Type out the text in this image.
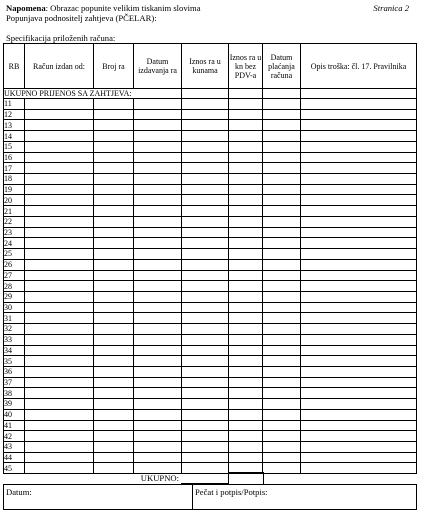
Napomena: Obrazac popunite velikim tiskanim slovima
Popunjava podnositelj zahtjeva (PČELAR):
Stranica 2
Specifikacija priloženih računa:
RB	Račun izdan od:	Broj ra	Datum izdavanja ra	Iznos ra u kunama	Iznos ra u kn bez PDV-a	Datum plaćanja računa	Opis troška: čl. 17. Pravilnika
UKUPNO PRIJENOS SA ZAHTJEVA:							
11							
12							
13							
14							
15							
16							
17							
18							
19							
20							
21							
22							
23							
24							
25							
26							
27							
28							
29							
30							
31							
32							
33							
34							
35							
36							
37							
38							
39							
40							
41							
42							
43							
44							
45							
UKUPNO:
Datum:	Pečat i potpis/Potpis:
